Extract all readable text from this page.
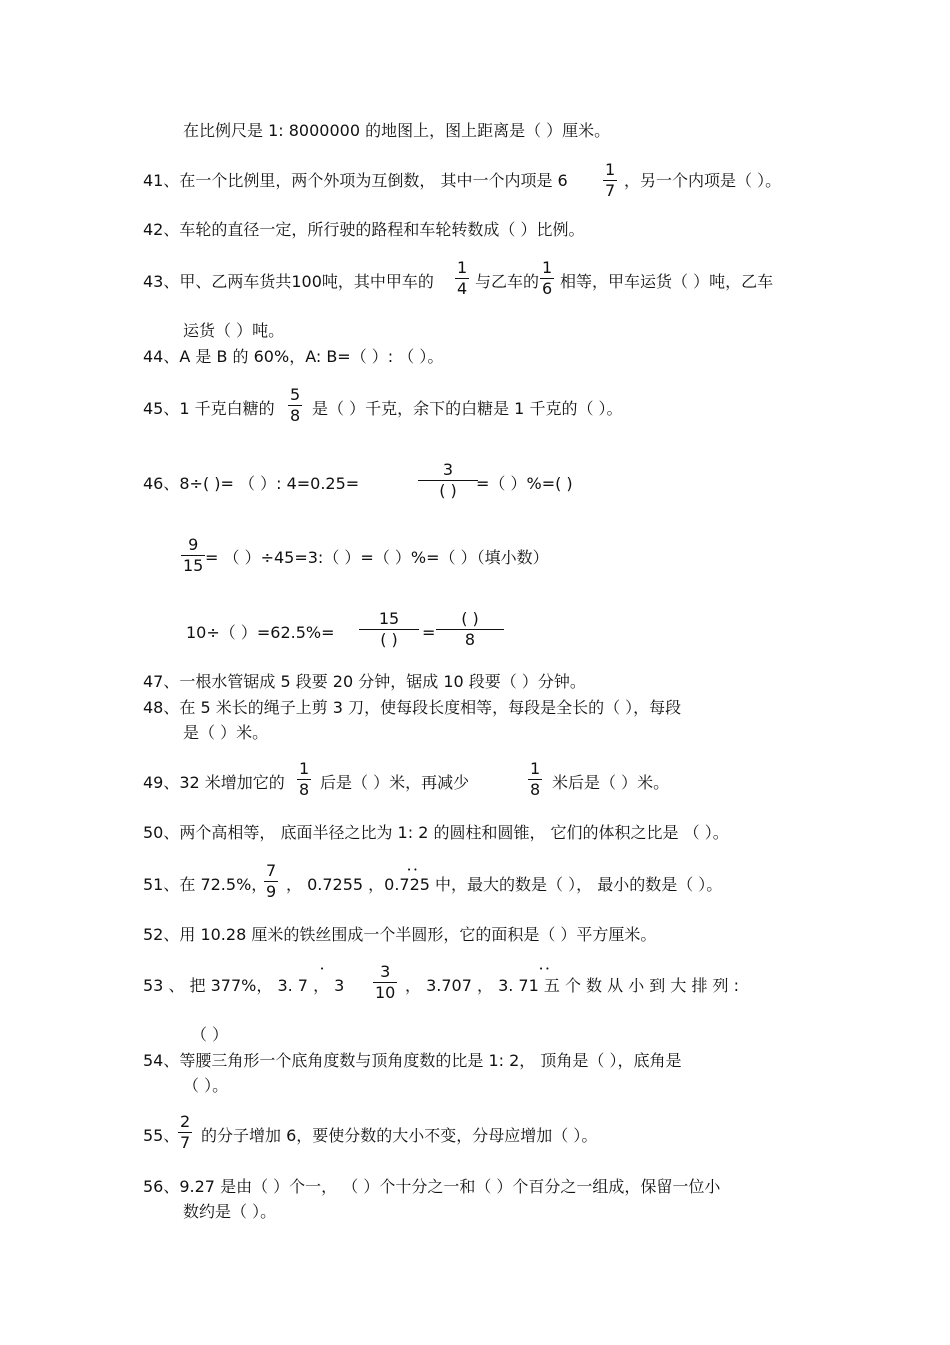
在比例尺是 1: 8000000 的地图上，图上距离是（ ）厘米。
41、在一个比例里，两个外项为互倒数， 其中一个内项是 $6 \frac{1}{7}$ ，另一个内项是（ ）。
42、车轮的直径一定，所行驶的路程和车轮转数成（ ）比例。
43、甲、乙两车货共100吨，其中甲车的 $\frac{1}{4}$ 与乙车的 $\frac{1}{6}$ 相等，甲车运货（ ）吨，乙车
运货（ ）吨。
44、A 是 B 的 60%，A: B=（ ）: （ ）。
45、1 千克白糖的 $\frac{5}{8}$ 是（ ）千克，余下的白糖是 1 千克的（ ）。
46、8÷( )= （ ）: 4=0.25=
3
( )	=（ ）%=( )
$\frac{9}{15}$ = （ ）÷45=3:（ ）=（ ）%=（ ）（填小数）
10÷（ ）=62.5%=
15
( )	=
( )
8
47、一根水管锯成 5 段要 20 分钟，锯成 10 段要（ ）分钟。
48、在 5 米长的绳子上剪 3 刀，使每段长度相等，每段是全长的（ ），每段
是（ ）米。
49、32 米增加它的 $\frac{1}{8}$ 后是（ ）米，再减少	$\frac{1}{8}$ 米后是（ ）米。
50、两个高相等， 底面半径之比为 1: 2 的圆柱和圆锥， 它们的体积之比是 （ ）。
51、在 72.5%，
$\frac{7}{9}$ ， 0.7255 ，0.725 中，最大的数是（ ）， 最小的数是（ ）。
• •
52、用 10.28 厘米的铁丝围成一个半圆形，它的面积是（ ）平方厘米。
53 、 把 377%， 3. 7 ， $3 \frac{3}{10}$ ， 3.707 ， 3. 71 五 个 数 从 小 到 大 排 列 :
•	• •
（ ）
54、等腰三角形一个底角度数与顶角度数的比是 1: 2， 顶角是（ ），底角是
（ ）。
55、
$\frac{2}{7}$ 的分子增加 6，要使分数的大小不变，分母应增加（ ）。
56、9.27 是由（ ）个一， （ ）个十分之一和（ ）个百分之一组成，保留一位小
数约是（ ）。
